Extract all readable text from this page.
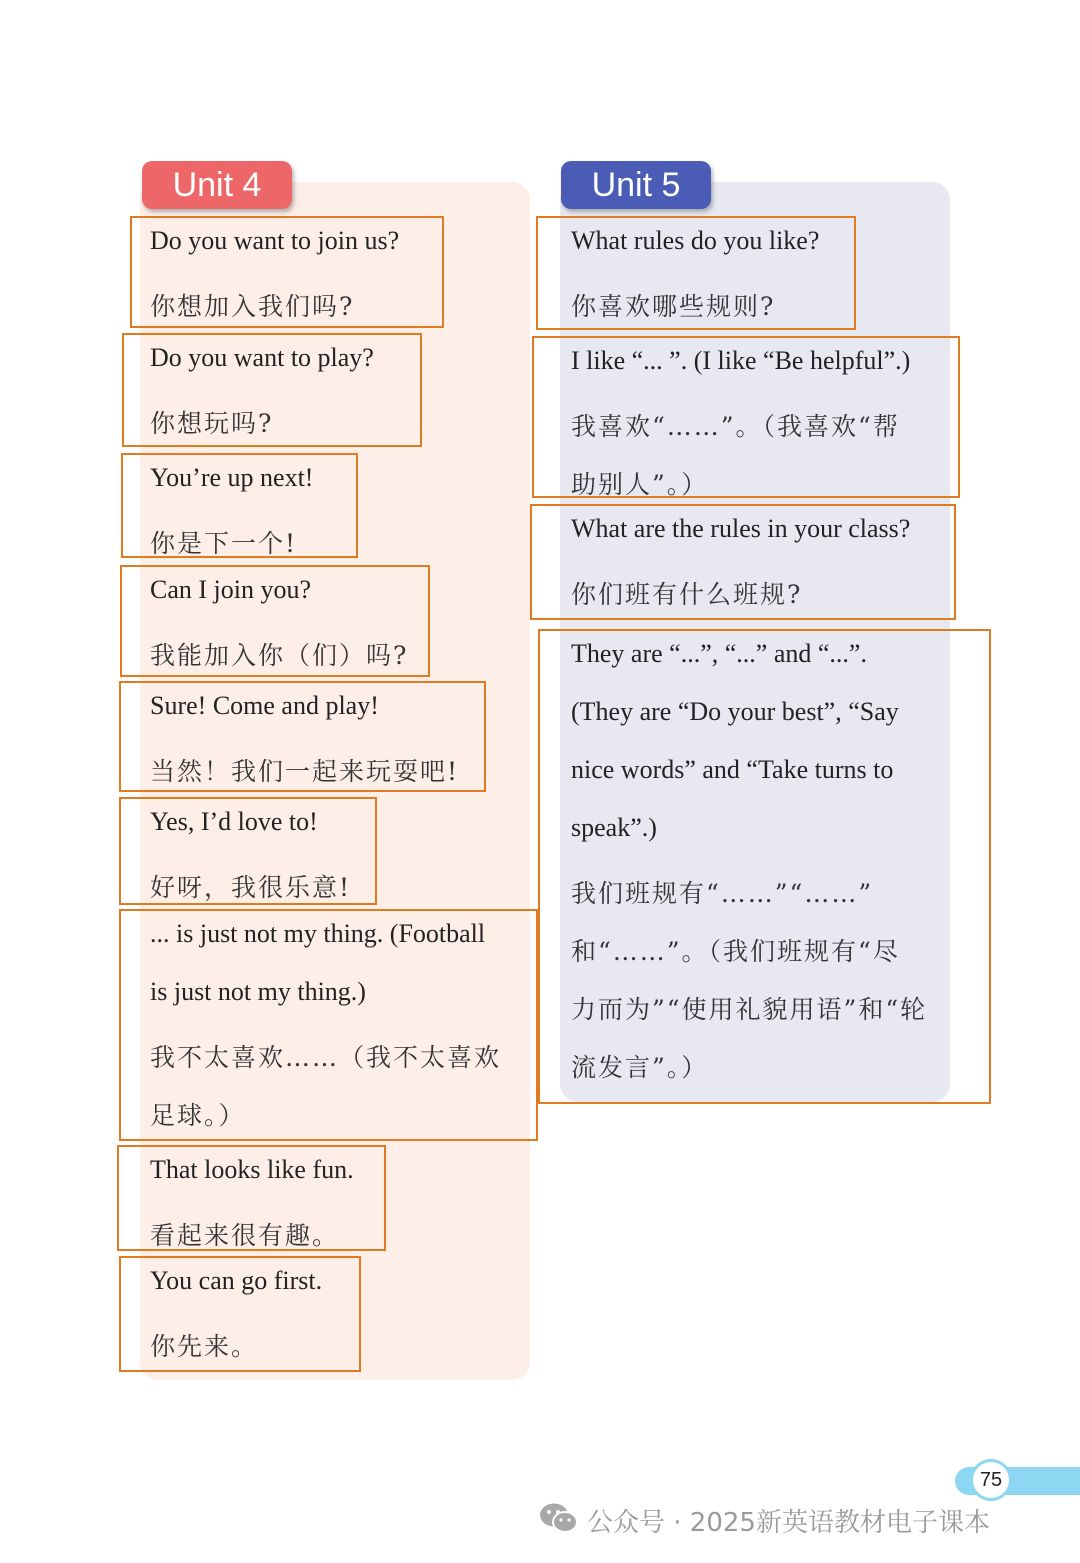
Unit 4	Unit 5
Do you want to join us?
你想加入我们吗?
Do you want to play?
你想玩吗?
You’re up next!
你是下一个!
Can I join you?
我能加入你（们）吗?
Sure! Come and play!
当然！我们一起来玩耍吧!
Yes, I’d love to!
好呀，我很乐意!
... is just not my thing. (Football
is just not my thing.)
我不太喜欢……（我不太喜欢
足球。）
That looks like fun.
看起来很有趣。
You can go first.
你先来。
What rules do you like?
你喜欢哪些规则?
I like “... ”. (I like “Be helpful”.)
我喜欢“……”。（我喜欢“帮
助别人”。）
What are the rules in your class?
你们班有什么班规?
They are “...”, “...” and “...”.
(They are “Do your best”, “Say
nice words” and “Take turns to
speak”.)
我们班规有“……”“……”
和“……”。（我们班规有“尽
力而为”“使用礼貌用语”和“轮
流发言”。）
75
公众号 · 2025新英语教材电子课本
